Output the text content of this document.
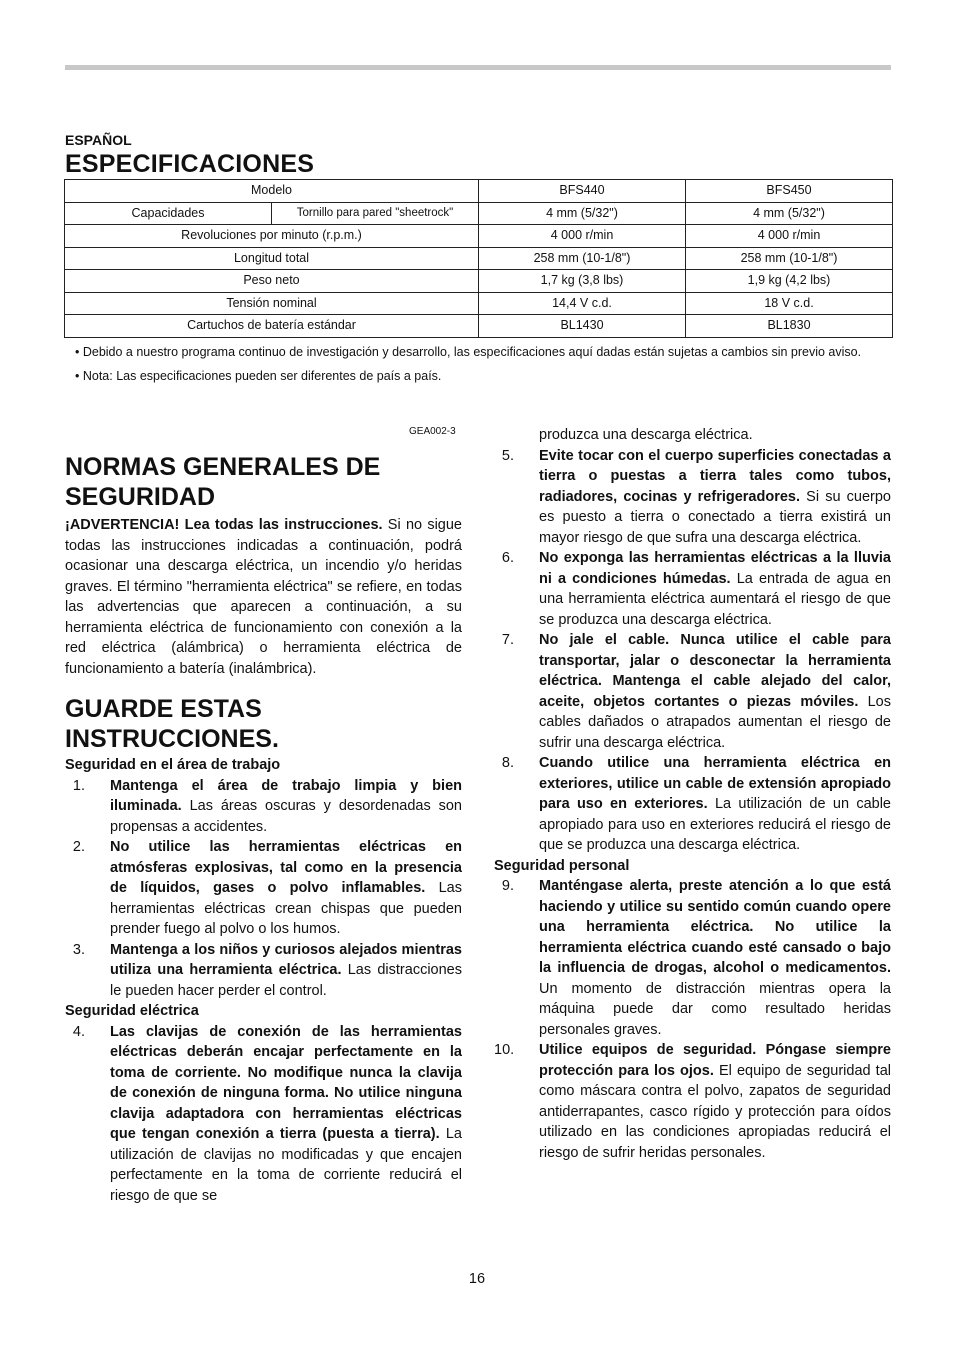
ESPAÑOL
ESPECIFICACIONES
Modelo		BFS440	BFS450
Capacidades	Tornillo para pared "sheetrock"	4 mm (5/32")	4 mm (5/32")
Revoluciones por minuto (r.p.m.)		4 000 r/min	4 000 r/min
Longitud total		258 mm (10-1/8")	258 mm (10-1/8")
Peso neto		1,7 kg (3,8 lbs)	1,9 kg (4,2 lbs)
Tensión nominal		14,4 V c.d.	18 V c.d.
Cartuchos de batería estándar		BL1430	BL1830

• Debido a nuestro programa continuo de investigación y desarrollo, las especificaciones aquí dadas están sujetas a cambios sin previo aviso.

• Nota: Las especificaciones pueden ser diferentes de país a país.

GEA002-3

NORMAS GENERALES DE SEGURIDAD

¡ADVERTENCIA! Lea todas las instrucciones. Si no sigue todas las instrucciones indicadas a continuación, podrá ocasionar una descarga eléctrica, un incendio y/o heridas graves. El término "herramienta eléctrica" se refiere, en todas las advertencias que aparecen a continuación, a su herramienta eléctrica de funcionamiento con conexión a la red eléctrica (alámbrica) o herramienta eléctrica de funcionamiento a batería (inalámbrica).

GUARDE ESTAS INSTRUCCIONES.

Seguridad en el área de trabajo

1. Mantenga el área de trabajo limpia y bien iluminada. Las áreas oscuras y desordenadas son propensas a accidentes.
2. No utilice las herramientas eléctricas en atmósferas explosivas, tal como en la presencia de líquidos, gases o polvo inflamables. Las herramientas eléctricas crean chispas que pueden prender fuego al polvo o los humos.
3. Mantenga a los niños y curiosos alejados mientras utiliza una herramienta eléctrica. Las distracciones le pueden hacer perder el control.

Seguridad eléctrica

4. Las clavijas de conexión de las herramientas eléctricas deberán encajar perfectamente en la toma de corriente. No modifique nunca la clavija de conexión de ninguna forma. No utilice ninguna clavija adaptadora con herramientas eléctricas que tengan conexión a tierra (puesta a tierra). La utilización de clavijas no modificadas y que encajen perfectamente en la toma de corriente reducirá el riesgo de que se

produzca una descarga eléctrica.

5. Evite tocar con el cuerpo superficies conectadas a tierra o puestas a tierra tales como tubos, radiadores, cocinas y refrigeradores. Si su cuerpo es puesto a tierra o conectado a tierra existirá un mayor riesgo de que sufra una descarga eléctrica.
6. No exponga las herramientas eléctricas a la lluvia ni a condiciones húmedas. La entrada de agua en una herramienta eléctrica aumentará el riesgo de que se produzca una descarga eléctrica.
7. No jale el cable. Nunca utilice el cable para transportar, jalar o desconectar la herramienta eléctrica. Mantenga el cable alejado del calor, aceite, objetos cortantes o piezas móviles. Los cables dañados o atrapados aumentan el riesgo de sufrir una descarga eléctrica.
8. Cuando utilice una herramienta eléctrica en exteriores, utilice un cable de extensión apropiado para uso en exteriores. La utilización de un cable apropiado para uso en exteriores reducirá el riesgo de que se produzca una descarga eléctrica.

Seguridad personal

9. Manténgase alerta, preste atención a lo que está haciendo y utilice su sentido común cuando opere una herramienta eléctrica. No utilice la herramienta eléctrica cuando esté cansado o bajo la influencia de drogas, alcohol o medicamentos. Un momento de distracción mientras opera la máquina puede dar como resultado heridas personales graves.
10. Utilice equipos de seguridad. Póngase siempre protección para los ojos. El equipo de seguridad tal como máscara contra el polvo, zapatos de seguridad antiderrapantes, casco rígido y protección para oídos utilizado en las condiciones apropiadas reducirá el riesgo de sufrir heridas personales.
16
